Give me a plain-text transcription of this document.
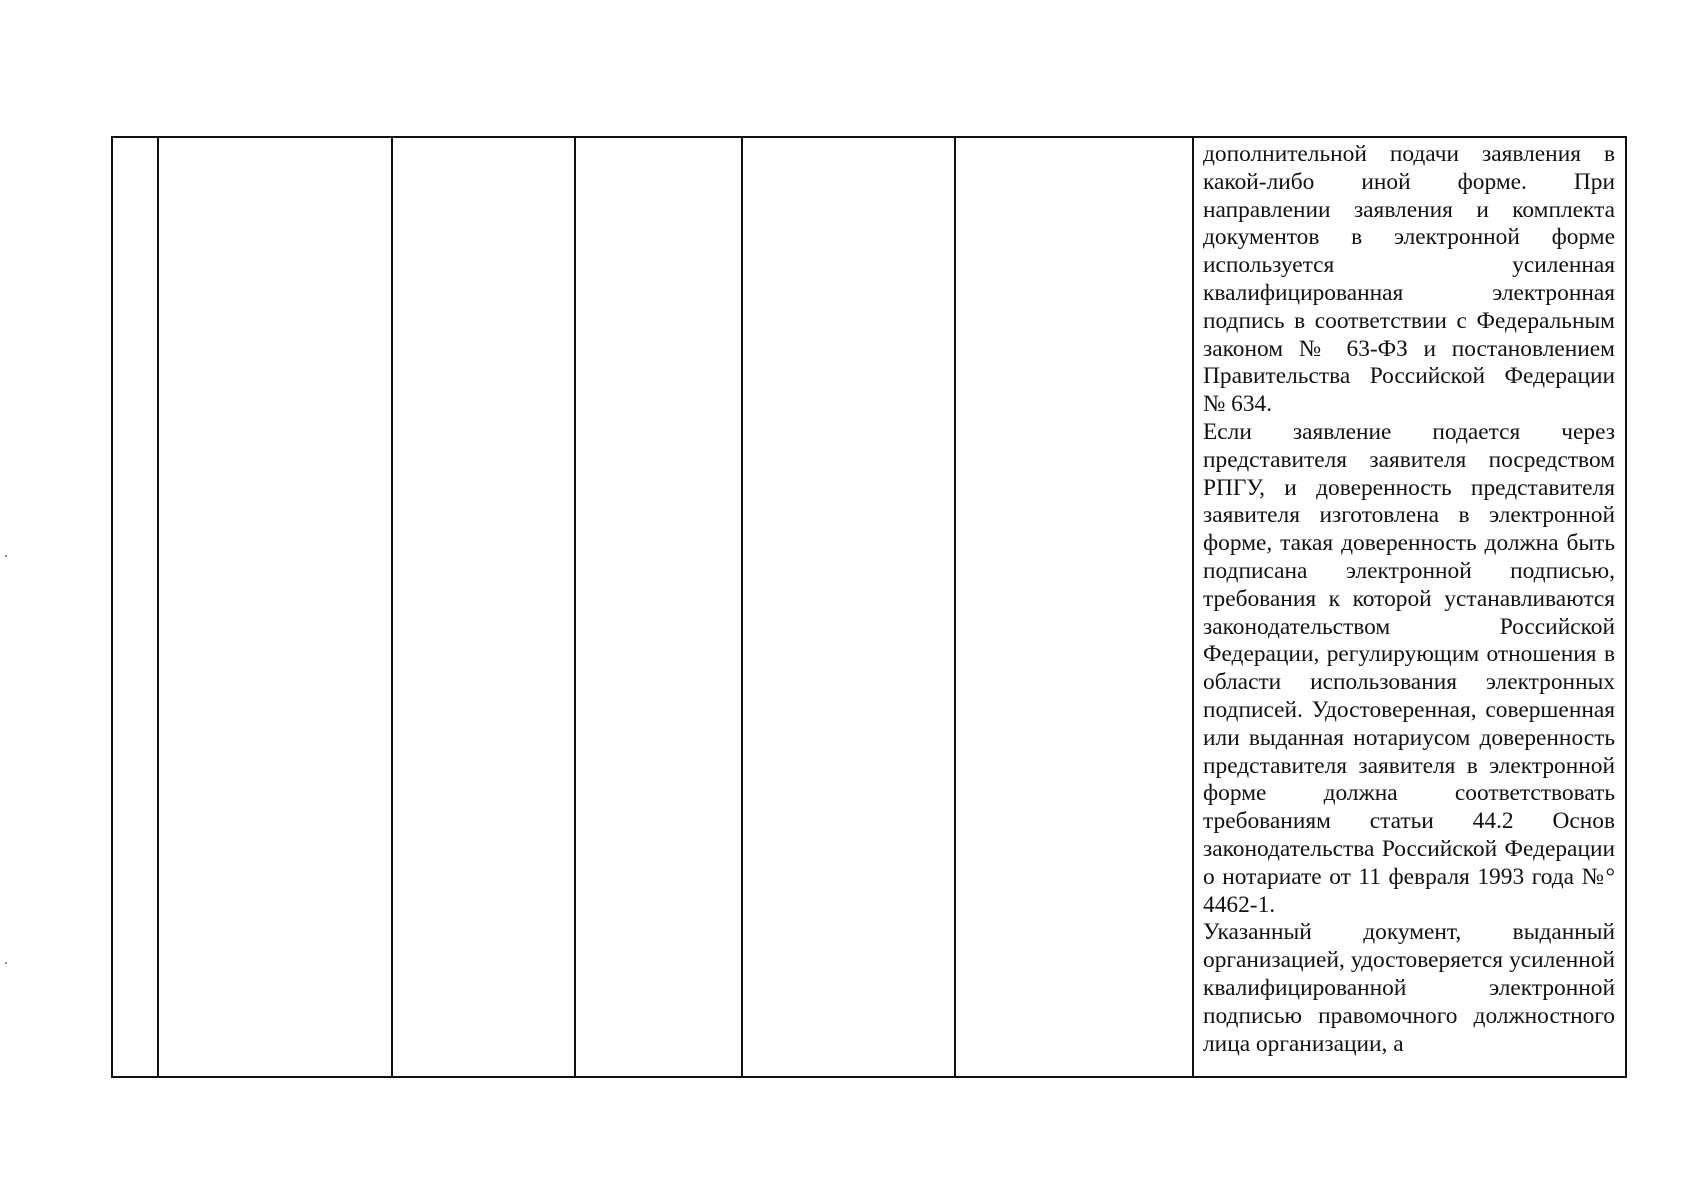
дополнительной подачи заявления в какой-либо иной форме. При направлении заявления и комплекта документов в электронной форме используется усиленная квалифицированная электронная подпись в соответствии с Федеральным законом № 63-ФЗ и постановлением Правительства Российской Федерации № 634.

Если заявление подается через представителя заявителя посредством РПГУ, и доверенность представителя заявителя изготовлена в электронной форме, такая доверенность должна быть подписана электронной подписью, требования к которой устанавливаются законодательством Российской Федерации, регулирующим отношения в области использования электронных подписей. Удостоверенная, совершенная или выданная нотариусом доверенность представителя заявителя в электронной форме должна соответствовать требованиям статьи 44.2 Основ законодательства Российской Федерации о нотариате от 11 февраля 1993 года №° 4462-1.

Указанный документ, выданный организацией, удостоверяется усиленной квалифицированной электронной подписью правомочного должностного лица организации, а
